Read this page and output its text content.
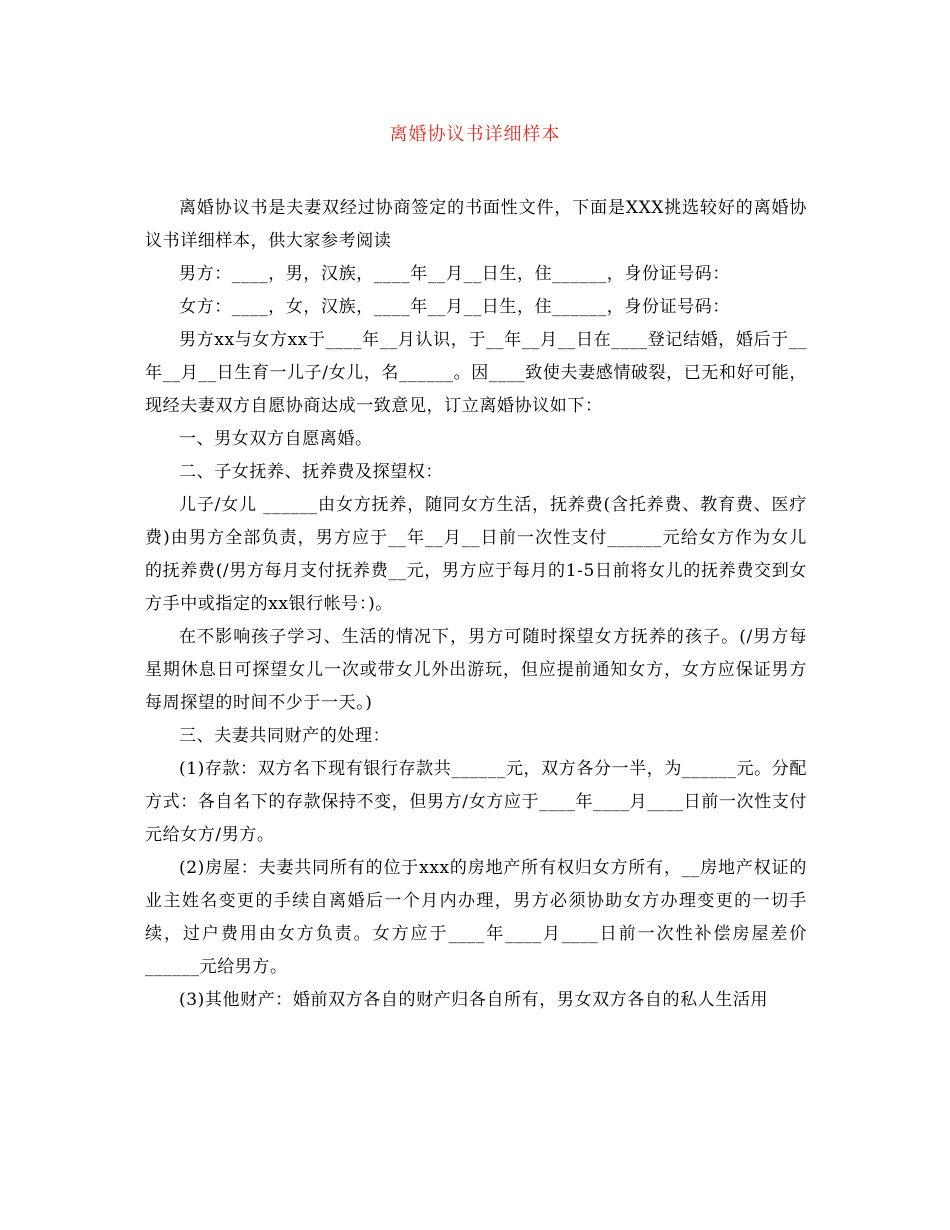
离婚协议书详细样本

离婚协议书是夫妻双经过协商签定的书面性文件，下面是XXX挑选较好的离婚协议书详细样本，供大家参考阅读

男方：____，男，汉族，____年__月__日生，住______，身份证号码：

女方：____，女，汉族，____年__月__日生，住______，身份证号码：

男方xx与女方xx于____年__月认识，于__年__月__日在____登记结婚，婚后于__年__月__日生育一儿子/女儿，名______。因____致使夫妻感情破裂，已无和好可能，现经夫妻双方自愿协商达成一致意见，订立离婚协议如下：

一、男女双方自愿离婚。

二、子女抚养、抚养费及探望权：

儿子/女儿 ______由女方抚养，随同女方生活，抚养费(含托养费、教育费、医疗费)由男方全部负责，男方应于__年__月__日前一次性支付______元给女方作为女儿的抚养费(/男方每月支付抚养费__元，男方应于每月的1-5日前将女儿的抚养费交到女方手中或指定的xx银行帐号：)。

在不影响孩子学习、生活的情况下，男方可随时探望女方抚养的孩子。(/男方每星期休息日可探望女儿一次或带女儿外出游玩，但应提前通知女方，女方应保证男方每周探望的时间不少于一天。)

三、夫妻共同财产的处理：

(1)存款：双方名下现有银行存款共______元，双方各分一半，为______元。分配方式：各自名下的存款保持不变，但男方/女方应于____年____月____日前一次性支付 元给女方/男方。

(2)房屋：夫妻共同所有的位于xxx的房地产所有权归女方所有，__房地产权证的业主姓名变更的手续自离婚后一个月内办理，男方必须协助女方办理变更的一切手续，过户费用由女方负责。女方应于____年____月____日前一次性补偿房屋差价______元给男方。

(3)其他财产：婚前双方各自的财产归各自所有，男女双方各自的私人生活用
